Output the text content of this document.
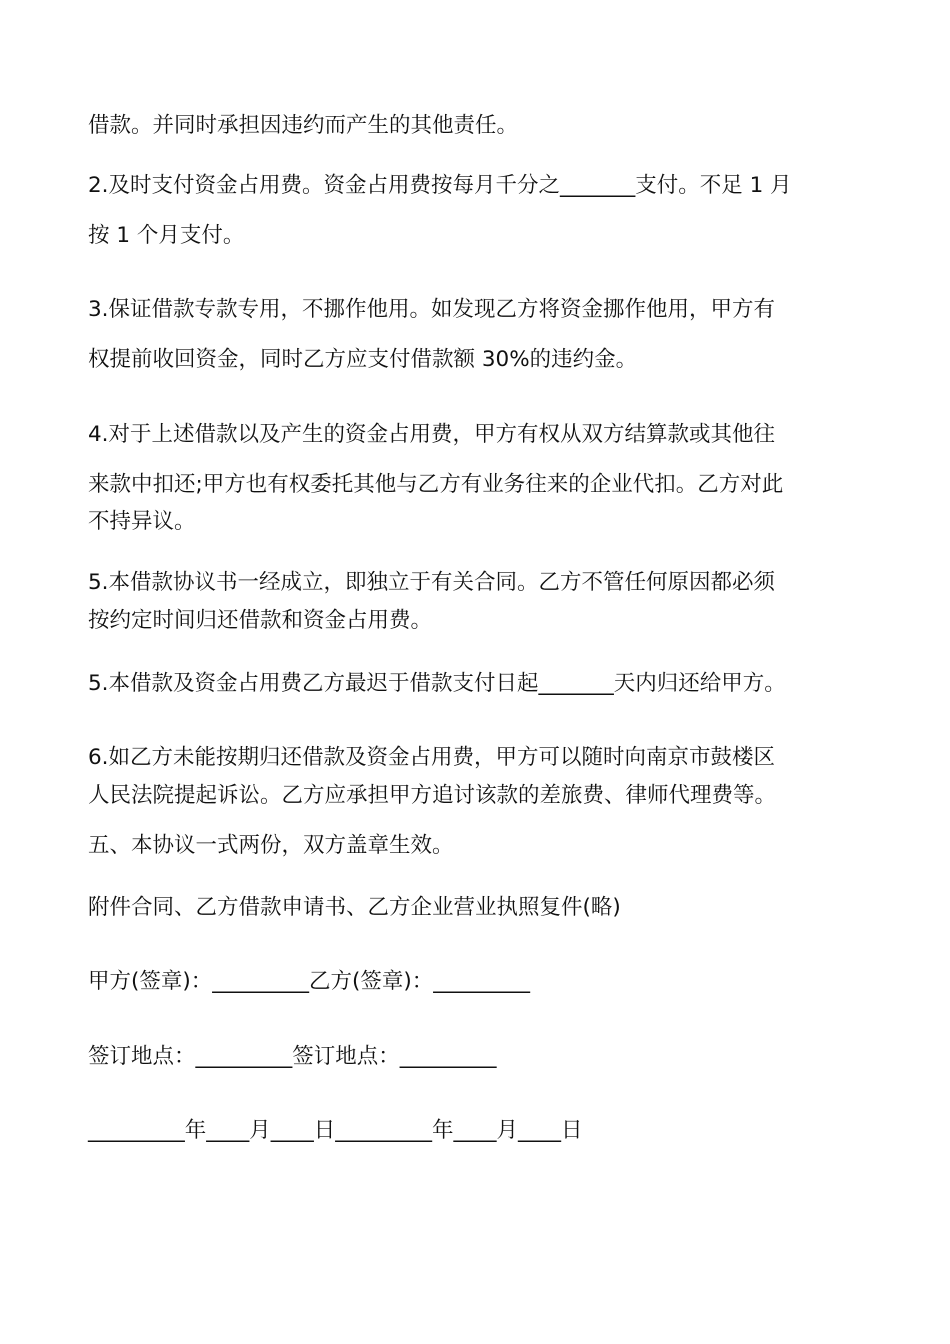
借款。并同时承担因违约而产生的其他责任。
2.及时支付资金占用费。资金占用费按每月千分之_______支付。不足 1 月
按 1 个月支付。
3.保证借款专款专用，不挪作他用。如发现乙方将资金挪作他用，甲方有
权提前收回资金，同时乙方应支付借款额 30%的违约金。
4.对于上述借款以及产生的资金占用费，甲方有权从双方结算款或其他往
来款中扣还;甲方也有权委托其他与乙方有业务往来的企业代扣。乙方对此
不持异议。
5.本借款协议书一经成立，即独立于有关合同。乙方不管任何原因都必须
按约定时间归还借款和资金占用费。
5.本借款及资金占用费乙方最迟于借款支付日起_______天内归还给甲方。
6.如乙方未能按期归还借款及资金占用费，甲方可以随时向南京市鼓楼区
人民法院提起诉讼。乙方应承担甲方追讨该款的差旅费、律师代理费等。
五、本协议一式两份，双方盖章生效。
附件合同、乙方借款申请书、乙方企业营业执照复件(略)
甲方(签章)：_________乙方(签章)：_________
签订地点：_________签订地点：_________
_________年____月____日_________年____月____日
